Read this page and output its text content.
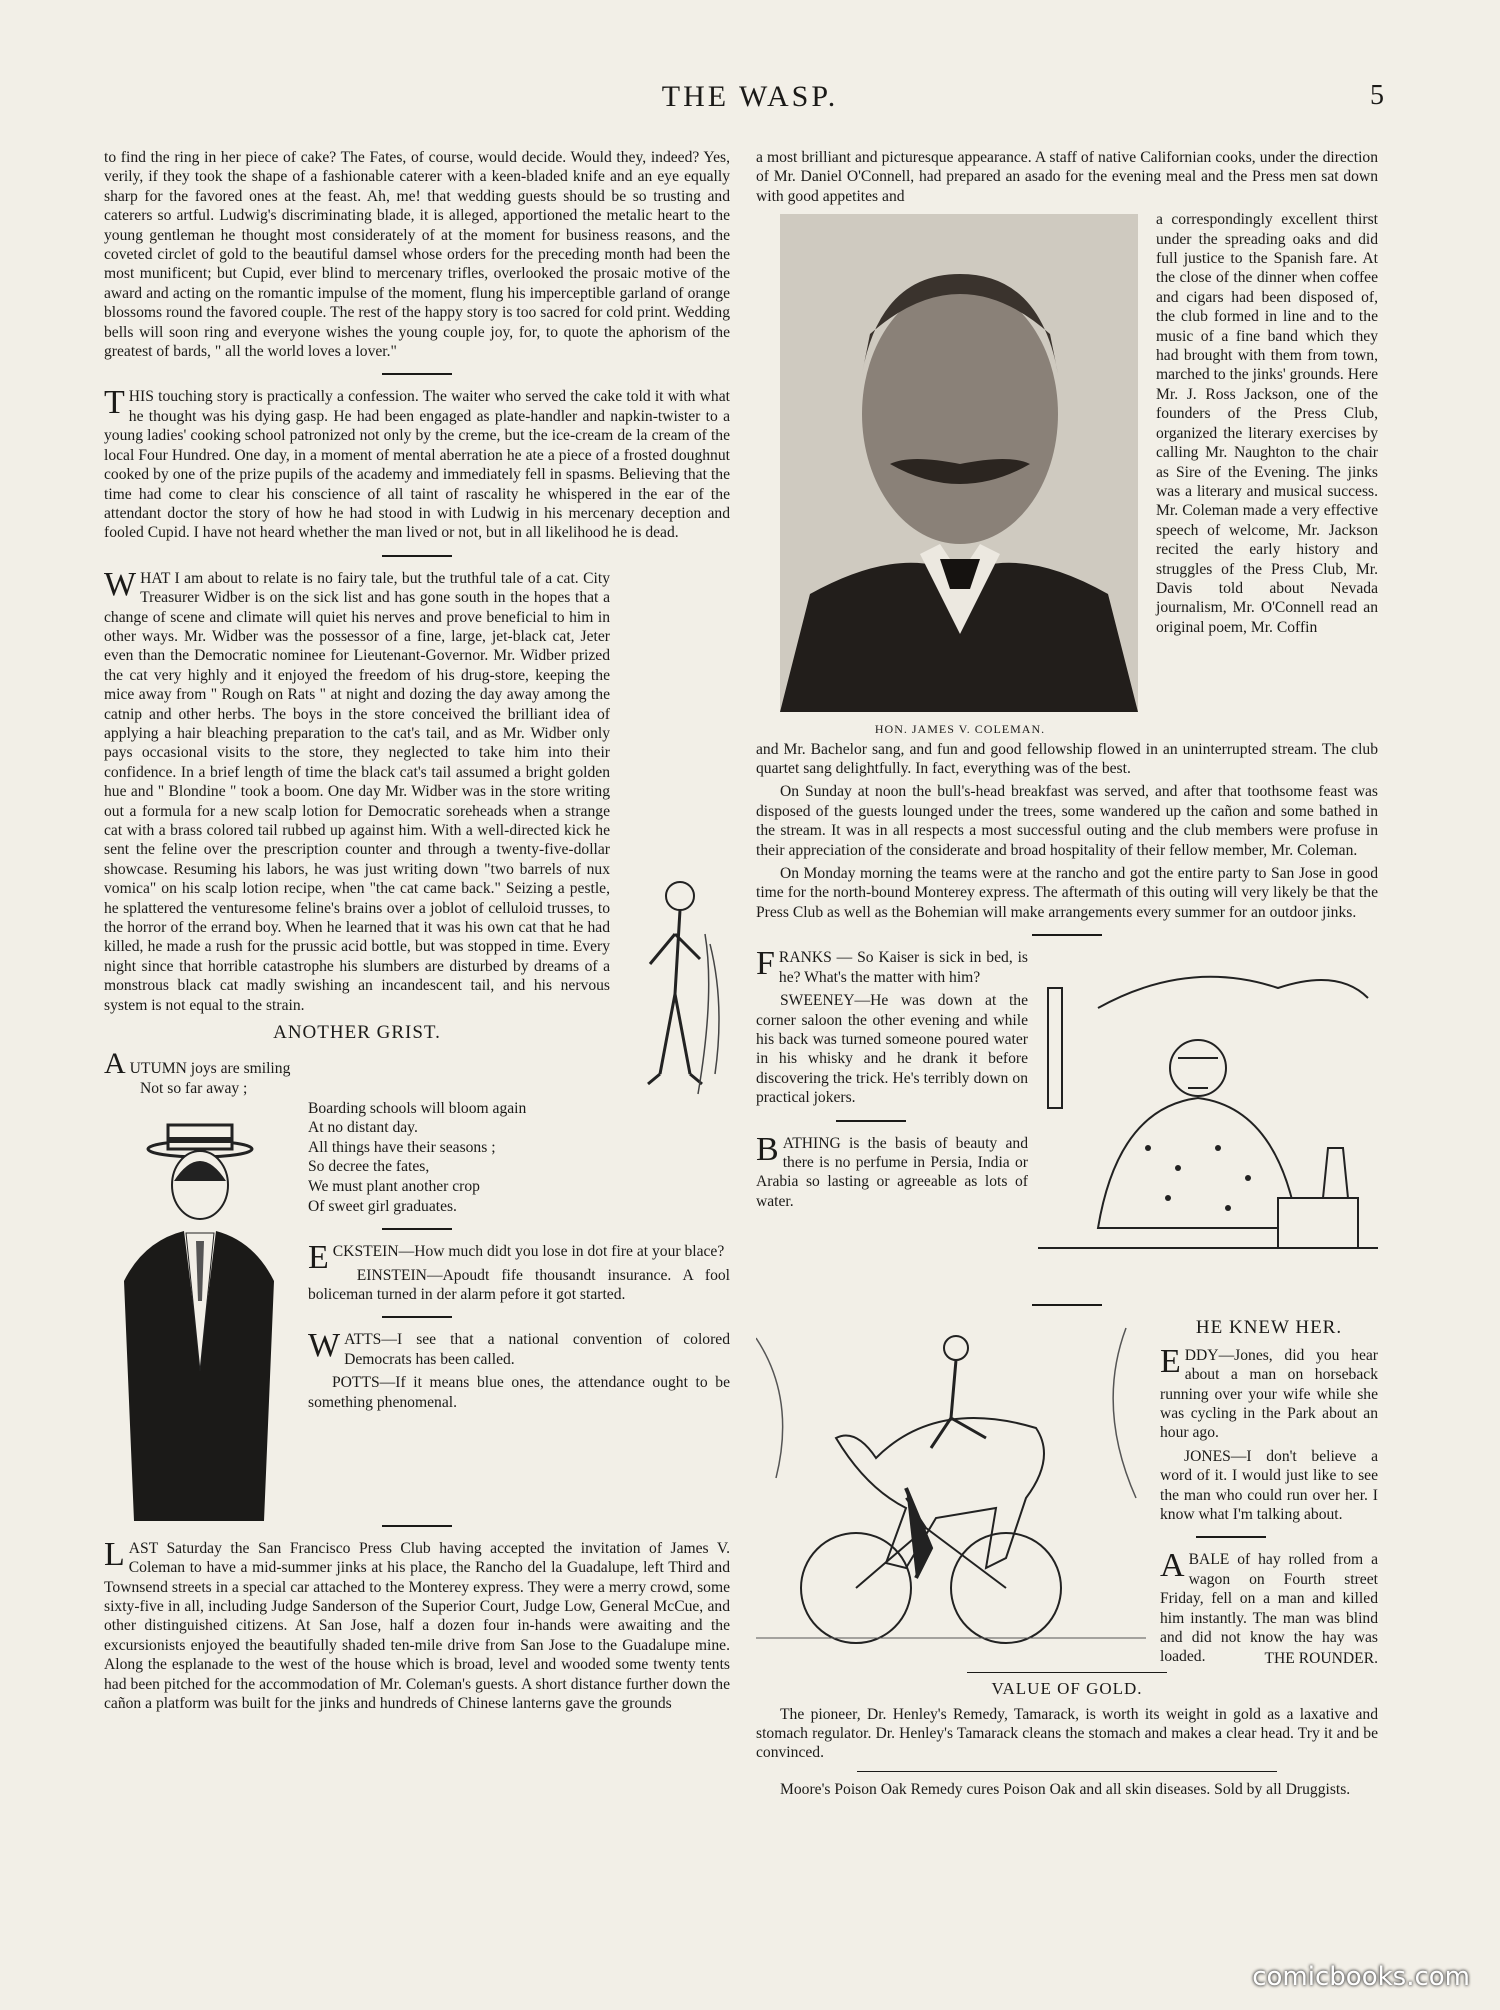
THE WASP.	5

to find the ring in her piece of cake? The Fates, of course, would decide. Would they, indeed? Yes, verily, if they took the shape of a fashionable caterer with a keen-bladed knife and an eye equally sharp for the favored ones at the feast. Ah, me! that wedding guests should be so trusting and caterers so artful. Ludwig's discriminating blade, it is alleged, apportioned the metalic heart to the young gentleman he thought most considerately of at the moment for business reasons, and the coveted circlet of gold to the beautiful damsel whose orders for the preceding month had been the most munificent; but Cupid, ever blind to mercenary trifles, overlooked the prosaic motive of the award and acting on the romantic impulse of the moment, flung his imperceptible garland of orange blossoms round the favored couple. The rest of the happy story is too sacred for cold print. Wedding bells will soon ring and everyone wishes the young couple joy, for, to quote the aphorism of the greatest of bards, " all the world loves a lover."

THIS touching story is practically a confession. The waiter who served the cake told it with what he thought was his dying gasp. He had been engaged as plate-handler and napkin-twister to a young ladies' cooking school patronized not only by the creme, but the ice-cream de la cream of the local Four Hundred. One day, in a moment of mental aberration he ate a piece of a frosted doughnut cooked by one of the prize pupils of the academy and immediately fell in spasms. Believing that the time had come to clear his conscience of all taint of rascality he whispered in the ear of the attendant doctor the story of how he had stood in with Ludwig in his mercenary deception and fooled Cupid. I have not heard whether the man lived or not, but in all likelihood he is dead.

WHAT I am about to relate is no fairy tale, but the truthful tale of a cat. City Treasurer Widber is on the sick list and has gone south in the hopes that a change of scene and climate will quiet his nerves and prove beneficial to him in other ways. Mr. Widber was the possessor of a fine, large, jet-black cat, Jeter even than the Democratic nominee for Lieutenant-Governor. Mr. Widber prized the cat very highly and it enjoyed the freedom of his drug-store, keeping the mice away from " Rough on Rats " at night and dozing the day away among the catnip and other herbs. The boys in the store conceived the brilliant idea of applying a hair bleaching preparation to the cat's tail, and as Mr. Widber only pays occasional visits to the store, they neglected to take him into their confidence. In a brief length of time the black cat's tail assumed a bright golden hue and " Blondine " took a boom. One day Mr. Widber was in the store writing out a formula for a new scalp lotion for Democratic soreheads when a strange cat with a brass colored tail rubbed up against him. With a well-directed kick he sent the feline over the prescription counter and through a twenty-five-dollar showcase. Resuming his labors, he was just writing down "two barrels of nux vomica" on his scalp lotion recipe, when "the cat came back." Seizing a pestle, he splattered the venturesome feline's brains over a joblot of celluloid trusses, to the horror of the errand boy. When he learned that it was his own cat that he had killed, he made a rush for the prussic acid bottle, but was stopped in time. Every night since that horrible catastrophe his slumbers are disturbed by dreams of a monstrous black cat madly swishing an incandescent tail, and his nervous system is not equal to the strain.

ANOTHER GRIST.
AUTUMN joys are smiling
Not so far away ;
Boarding schools will bloom again
At no distant day.
All things have their seasons ;
So decree the fates,
We must plant another crop
Of sweet girl graduates.

ECKSTEIN—How much didt you lose in dot fire at your blace?

EINSTEIN—Apoudt fife thousandt insurance. A fool boliceman turned in der alarm pefore it got started.

WATTS—I see that a national convention of colored Democrats has been called.

POTTS—If it means blue ones, the attendance ought to be something phenomenal.

LAST Saturday the San Francisco Press Club having accepted the invitation of James V. Coleman to have a mid-summer jinks at his place, the Rancho del la Guadalupe, left Third and Townsend streets in a special car attached to the Monterey express. They were a merry crowd, some sixty-five in all, including Judge Sanderson of the Superior Court, Judge Low, General McCue, and other distinguished citizens. At San Jose, half a dozen four in-hands were awaiting and the excursionists enjoyed the beautifully shaded ten-mile drive from San Jose to the Guadalupe mine. Along the esplanade to the west of the house which is broad, level and wooded some twenty tents had been pitched for the accommodation of Mr. Coleman's guests. A short distance further down the cañon a platform was built for the jinks and hundreds of Chinese lanterns gave the grounds

a most brilliant and picturesque appearance. A staff of native Californian cooks, under the direction of Mr. Daniel O'Connell, had prepared an asado for the evening meal and the Press men sat down with good appetites and

HON. JAMES V. COLEMAN.

a correspondingly excellent thirst under the spreading oaks and did full justice to the Spanish fare. At the close of the dinner when coffee and cigars had been disposed of, the club formed in line and to the music of a fine band which they had brought with them from town, marched to the jinks' grounds. Here Mr. J. Ross Jackson, one of the founders of the Press Club, organized the literary exercises by calling Mr. Naughton to the chair as Sire of the Evening. The jinks was a literary and musical success. Mr. Coleman made a very effective speech of welcome, Mr. Jackson recited the early history and struggles of the Press Club, Mr. Davis told about Nevada journalism, Mr. O'Connell read an original poem, Mr. Coffin

and Mr. Bachelor sang, and fun and good fellowship flowed in an uninterrupted stream. The club quartet sang delightfully. In fact, everything was of the best.

On Sunday at noon the bull's-head breakfast was served, and after that toothsome feast was disposed of the guests lounged under the trees, some wandered up the cañon and some bathed in the stream. It was in all respects a most successful outing and the club members were profuse in their appreciation of the considerate and broad hospitality of their fellow member, Mr. Coleman.

On Monday morning the teams were at the rancho and got the entire party to San Jose in good time for the north-bound Monterey express. The aftermath of this outing will very likely be that the Press Club as well as the Bohemian will make arrangements every summer for an outdoor jinks.

FRANKS — So Kaiser is sick in bed, is he? What's the matter with him?

SWEENEY—He was down at the corner saloon the other evening and while his back was turned someone poured water in his whisky and he drank it before discovering the trick. He's terribly down on practical jokers.

BATHING is the basis of beauty and there is no perfume in Persia, India or Arabia so lasting or agreeable as lots of water.

HE KNEW HER.

EDDY—Jones, did you hear about a man on horseback running over your wife while she was cycling in the Park about an hour ago.

JONES—I don't believe a word of it. I would just like to see the man who could run over her. I know what I'm talking about.

ABALE of hay rolled from a wagon on Fourth street Friday, fell on a man and killed him instantly. The man was blind and did not know the hay was loaded.	THE ROUNDER.
VALUE OF GOLD.

The pioneer, Dr. Henley's Remedy, Tamarack, is worth its weight in gold as a laxative and stomach regulator. Dr. Henley's Tamarack cleans the stomach and makes a clear head. Try it and be convinced.

Moore's Poison Oak Remedy cures Poison Oak and all skin diseases. Sold by all Druggists.

comicbooks.com
